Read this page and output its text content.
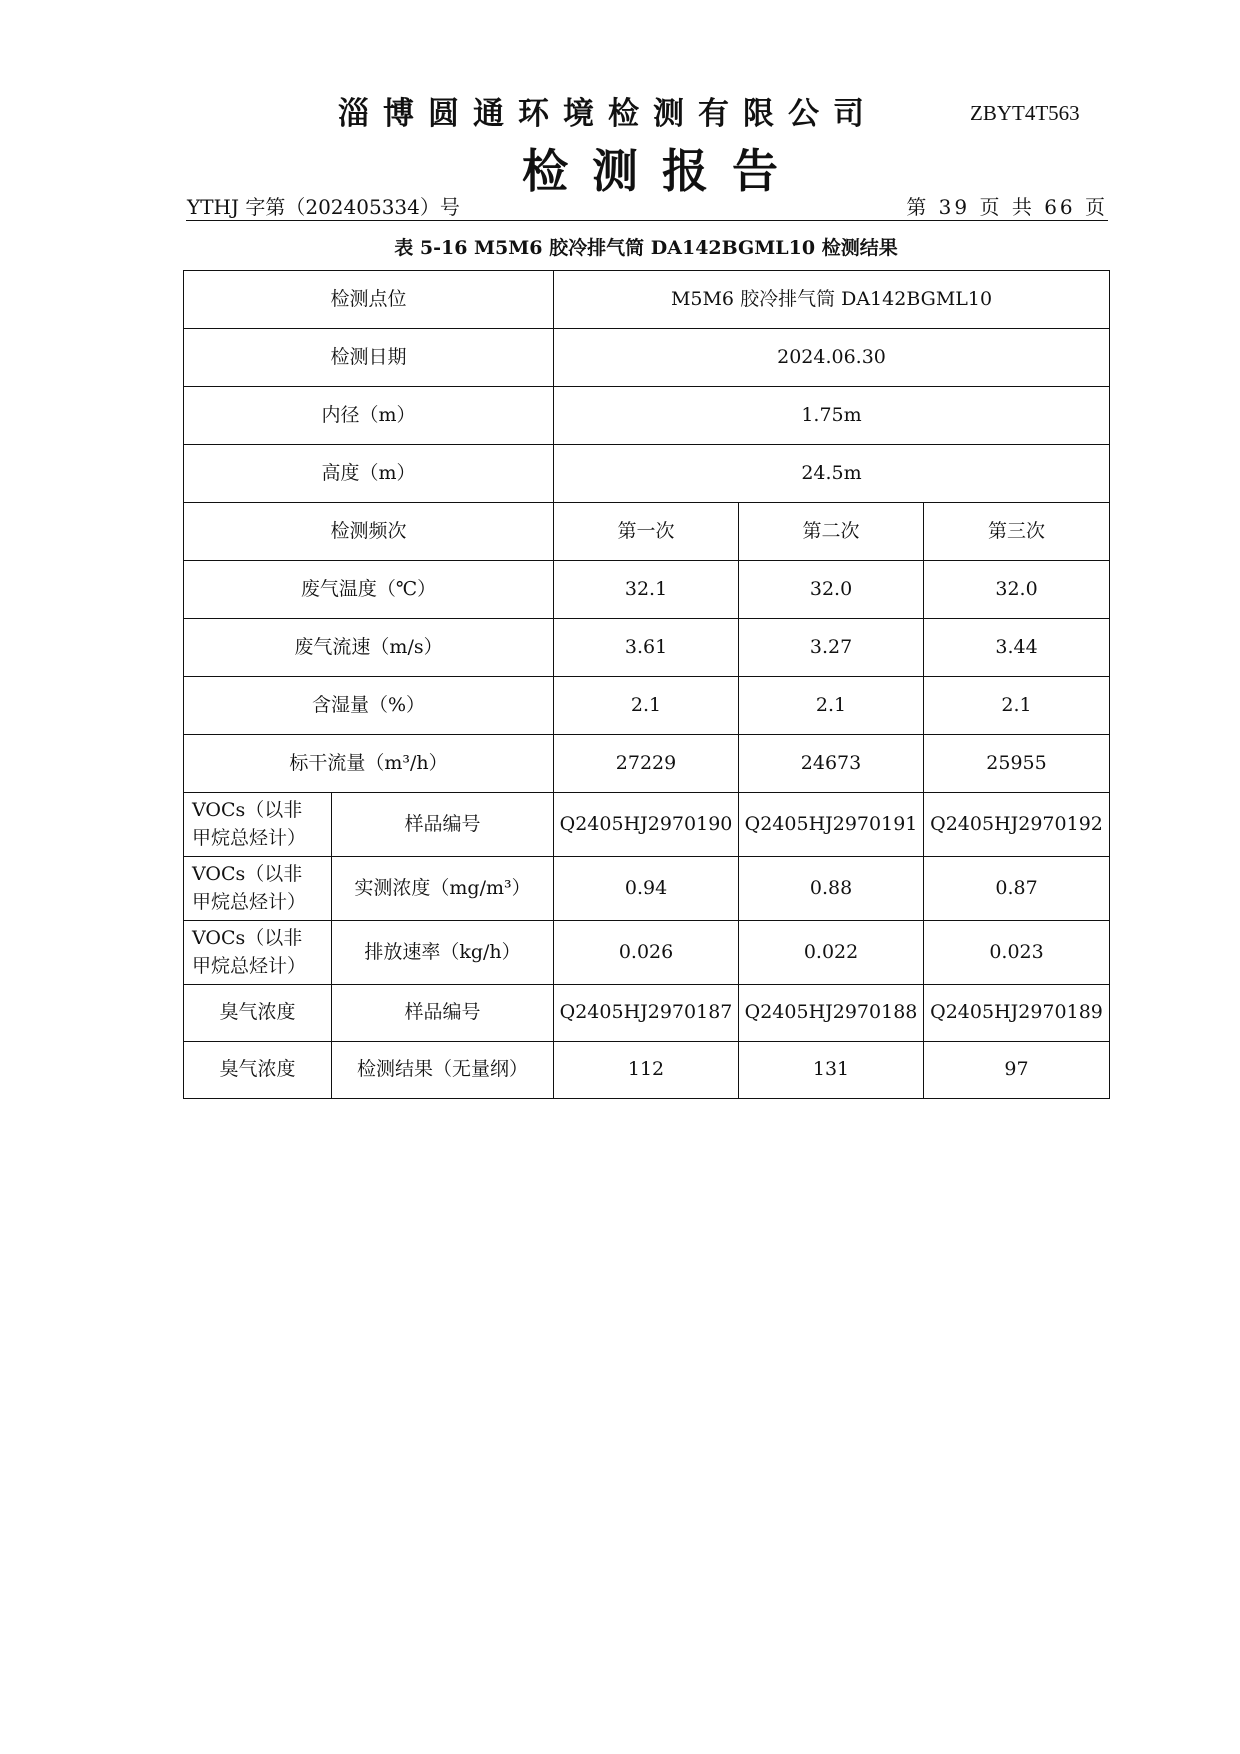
淄博圆通环境检测有限公司	ZBYT4T563
检测报告
YTHJ 字第（202405334）号	第 39 页 共 66 页
表 5-16 M5M6 胶冷排气筒 DA142BGML10 检测结果
检测点位		M5M6 胶冷排气筒 DA142BGML10		
检测日期		2024.06.30		
内径（m）		1.75m		
高度（m）		24.5m		
检测频次		第一次	第二次	第三次
废气温度（℃）		32.1	32.0	32.0
废气流速（m/s）		3.61	3.27	3.44
含湿量（%）		2.1	2.1	2.1
标干流量（m³/h）		27229	24673	25955
VOCs（以非
甲烷总烃计）	样品编号	Q2405HJ2970190	Q2405HJ2970191	Q2405HJ2970192
VOCs（以非
甲烷总烃计）	实测浓度（mg/m³）	0.94	0.88	0.87
VOCs（以非
甲烷总烃计）	排放速率（kg/h）	0.026	0.022	0.023
臭气浓度	样品编号	Q2405HJ2970187	Q2405HJ2970188	Q2405HJ2970189
臭气浓度	检测结果（无量纲）	112	131	97
